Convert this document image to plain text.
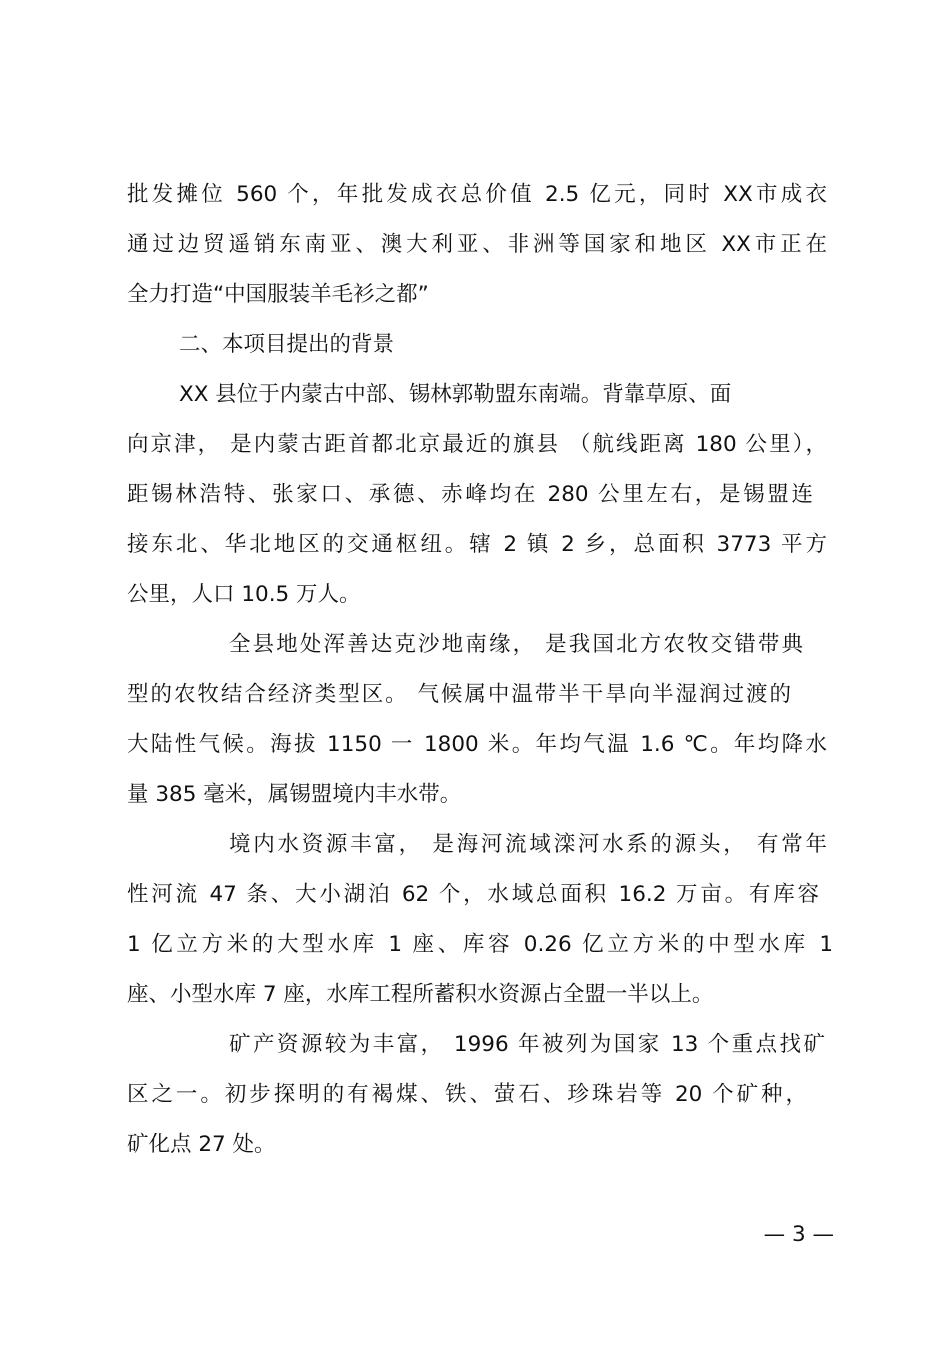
批发摊位 560 个，年批发成衣总价值 2.5 亿元，同时 XX市成衣
通过边贸遥销东南亚、澳大利亚、非洲等国家和地区 XX市正在
全力打造“中国服装羊毛衫之都”
二、本项目提出的背景
XX 县位于内蒙古中部、锡林郭勒盟东南端。背靠草原、面
向京津， 是内蒙古距首都北京最近的旗县 （航线距离 180 公里），
距锡林浩特、张家口、承德、赤峰均在 280 公里左右，是锡盟连
接东北、华北地区的交通枢纽。辖 2 镇 2 乡，总面积 3773 平方
公里，人口 10.5 万人。
全县地处浑善达克沙地南缘， 是我国北方农牧交错带典
型的农牧结合经济类型区。 气候属中温带半干旱向半湿润过渡的
大陆性气候。海拔 1150 一 1800 米。年均气温 1.6 ℃。年均降水
量 385 毫米，属锡盟境内丰水带。
境内水资源丰富， 是海河流域滦河水系的源头， 有常年
性河流 47 条、大小湖泊 62 个，水域总面积 16.2 万亩。有库容
1 亿立方米的大型水库 1 座、库容 0.26 亿立方米的中型水库 1
座、小型水库 7 座，水库工程所蓄积水资源占全盟一半以上。
矿产资源较为丰富， 1996 年被列为国家 13 个重点找矿
区之一。初步探明的有褐煤、铁、萤石、珍珠岩等 20 个矿种，
矿化点 27 处。
— 3 —
